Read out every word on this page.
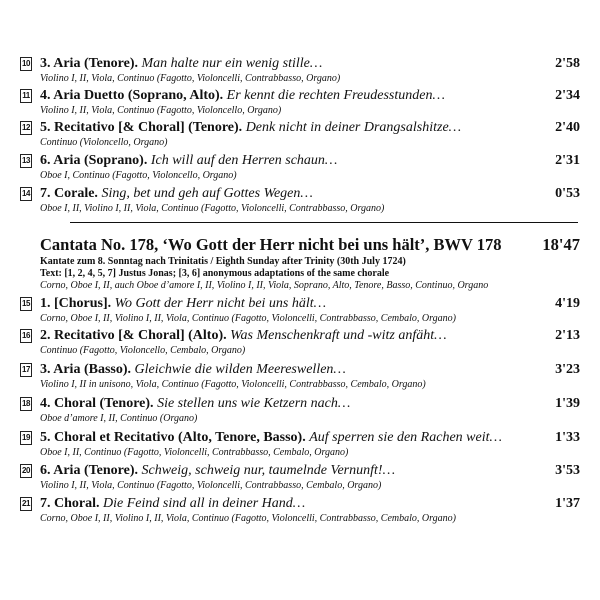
10 3. Aria (Tenore). Man halte nur ein wenig stille…	2'58
Violino I, II, Viola, Continuo (Fagotto, Violoncelli, Contrabbasso, Organo)
11 4. Aria Duetto (Soprano, Alto). Er kennt die rechten Freudesstunden…	2'34
Violino I, II, Viola, Continuo (Fagotto, Violoncello, Organo)
12 5. Recitativo [& Choral] (Tenore). Denk nicht in deiner Drangsalshitze…	2'40
Continuo (Violoncello, Organo)
13 6. Aria (Soprano). Ich will auf den Herren schaun…	2'31
Oboe I, Continuo (Fagotto, Violoncello, Organo)
14 7. Corale. Sing, bet und geh auf Gottes Wegen…	0'53
Oboe I, II, Violino I, II, Viola, Continuo (Fagotto, Violoncelli, Contrabbasso, Organo)
Cantata No. 178, ‘Wo Gott der Herr nicht bei uns hält’, BWV 178	18'47
Kantate zum 8. Sonntag nach Trinitatis / Eighth Sunday after Trinity (30th July 1724)
Text: [1, 2, 4, 5, 7] Justus Jonas; [3, 6] anonymous adaptations of the same chorale
Corno, Oboe I, II, auch Oboe d’amore I, II, Violino I, II, Viola, Soprano, Alto, Tenore, Basso, Continuo, Organo
15 1. [Chorus]. Wo Gott der Herr nicht bei uns hält…	4'19
Corno, Oboe I, II, Violino I, II, Viola, Continuo (Fagotto, Violoncelli, Contrabbasso, Cembalo, Organo)
16 2. Recitativo [& Choral] (Alto). Was Menschenkraft und -witz anfäht…	2'13
Continuo (Fagotto, Violoncello, Cembalo, Organo)
17 3. Aria (Basso). Gleichwie die wilden Meereswellen…	3'23
Violino I, II in unisono, Viola, Continuo (Fagotto, Violoncelli, Contrabbasso, Cembalo, Organo)
18 4. Choral (Tenore). Sie stellen uns wie Ketzern nach…	1'39
Oboe d’amore I, II, Continuo (Organo)
19 5. Choral et Recitativo (Alto, Tenore, Basso). Auf sperren sie den Rachen weit…	1'33
Oboe I, II, Continuo (Fagotto, Violoncelli, Contrabbasso, Cembalo, Organo)
20 6. Aria (Tenore). Schweig, schweig nur, taumelnde Vernunft!…	3'53
Violino I, II, Viola, Continuo (Fagotto, Violoncelli, Contrabbasso, Cembalo, Organo)
21 7. Choral. Die Feind sind all in deiner Hand…	1'37
Corno, Oboe I, II, Violino I, II, Viola, Continuo (Fagotto, Violoncelli, Contrabbasso, Cembalo, Organo)
